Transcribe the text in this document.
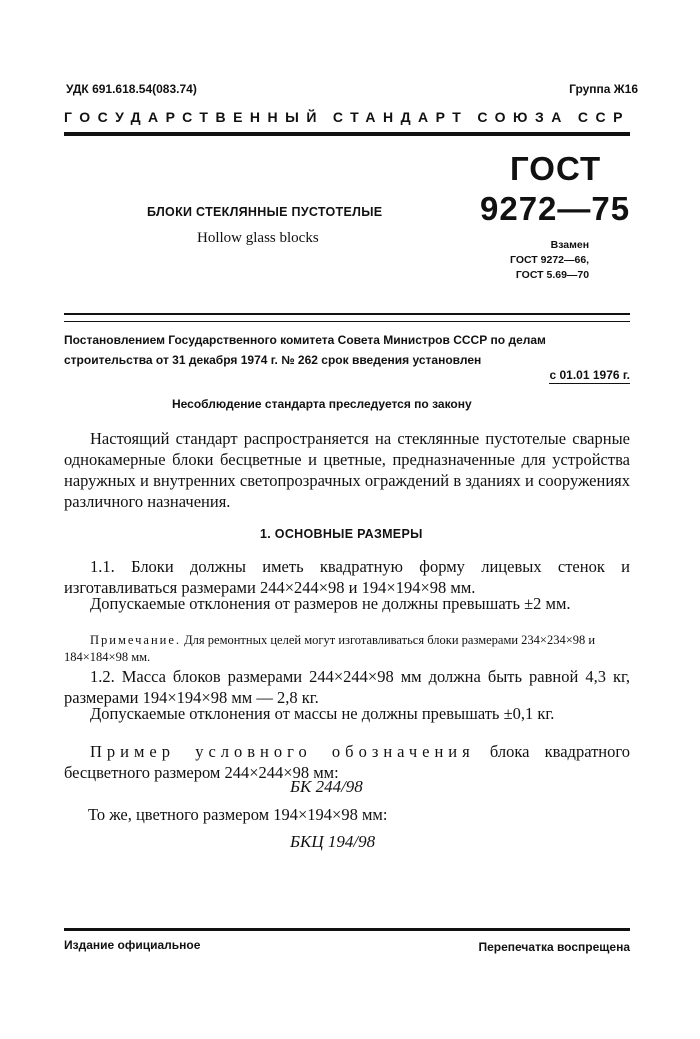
УДК 691.618.54(083.74)	Группа Ж16
ГОСУДАРСТВЕННЫЙ СТАНДАРТ СОЮЗА ССР
БЛОКИ СТЕКЛЯННЫЕ ПУСТОТЕЛЫЕ
Hollow glass blocks
ГОСТ
9272—75
Взамен
ГОСТ 9272—66,
ГОСТ 5.69—70
Постановлением Государственного комитета Совета Министров СССР по делам строительства от 31 декабря 1974 г. № 262 срок введения установлен
с 01.01 1976 г.
Несоблюдение стандарта преследуется по закону
Настоящий стандарт распространяется на стеклянные пустотелые сварные однокамерные блоки бесцветные и цветные, предназначенные для устройства наружных и внутренних светопрозрачных ограждений в зданиях и сооружениях различного назначения.
1. ОСНОВНЫЕ РАЗМЕРЫ
1.1. Блоки должны иметь квадратную форму лицевых стенок и изготавливаться размерами 244×244×98 и 194×194×98 мм.
Допускаемые отклонения от размеров не должны превышать ±2 мм.
Примечание. Для ремонтных целей могут изготавливаться блоки размерами 234×234×98 и 184×184×98 мм.
1.2. Масса блоков размерами 244×244×98 мм должна быть равной 4,3 кг, размерами 194×194×98 мм — 2,8 кг.
Допускаемые отклонения от массы не должны превышать ±0,1 кг.
Пример условного обозначения блока квадратного бесцветного размером 244×244×98 мм:
БК 244/98
То же, цветного размером 194×194×98 мм:
БКЦ 194/98
Издание официальное	Перепечатка воспрещена
